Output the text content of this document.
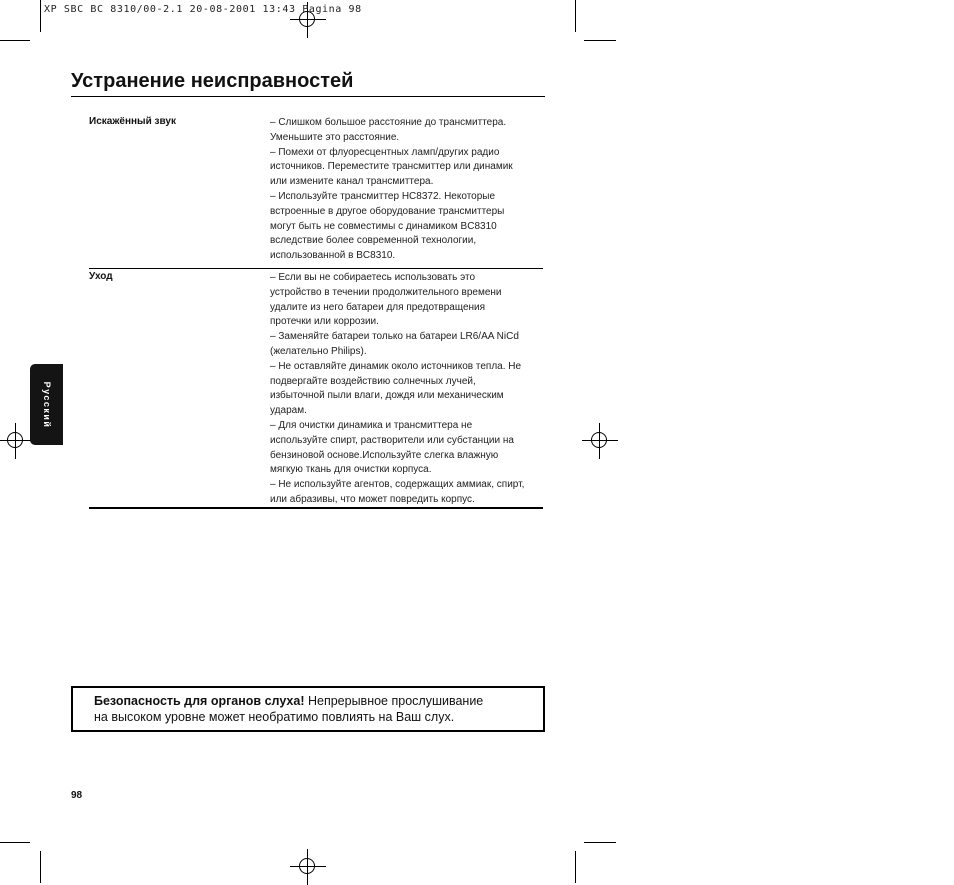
XP SBC BC 8310/00-2.1 20-08-2001 13:43 Pagina 98
Устранение неисправностей
Искажённый звук	– Слишком большое расстояние до трансмиттера.
Уменьшите это расстояние.
– Помехи от флуоресцентных ламп/других радио
источников. Переместите трансмиттер или динамик
или измените канал трансмиттера.
– Используйте трансмиттер HC8372. Некоторые
встроенные в другое оборудование трансмиттеры
могут быть не совместимы с динамиком BC8310
вследствие более современной технологии,
использованной в BC8310.
Уход	– Если вы не собираетесь использовать это
устройство в течении продолжительного времени
удалите из него батареи для предотвращения
протечки или коррозии.
– Заменяйте батареи только на батареи LR6/AA NiCd
(желательно Philips).
– Не оставляйте динамик около источников тепла. Не
подвергайте воздействию солнечных лучей,
избыточной пыли влаги, дождя или механическим
ударам.
– Для очистки динамика и трансмиттера не
используйте спирт, растворители или субстанции на
бензиновой основе.Используйте слегка влажную
мягкую ткань для очистки корпуса.
– Не используйте агентов, содержащих аммиак, спирт,
или абразивы, что может повредить корпус.
Русский
Безопасность для органов слуха! Непрерывное прослушивание
на высоком уровне может необратимо повлиять на Ваш слух.
98
